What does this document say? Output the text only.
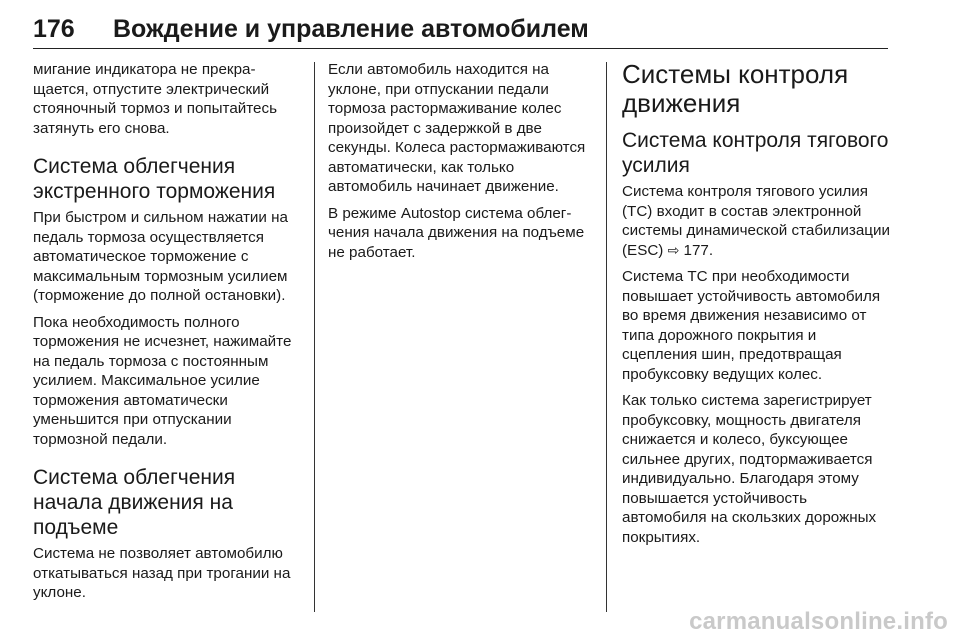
176	Вождение и управление автомобилем

мигание индикатора не прекращается, отпустите электрический стояночный тормоз и попытайтесь затянуть его снова.

Система облегчения экстренного торможения

При быстром и сильном нажатии на педаль тормоза осуществляется автоматическое торможение с максимальным тормозным усилием (торможение до полной остановки).

Пока необходимость полного торможения не исчезнет, нажимайте на педаль тормоза с постоянным усилием. Максимальное усилие торможения автоматически уменьшится при отпускании тормозной педали.

Система облегчения начала движения на подъеме

Система не позволяет автомобилю откатываться назад при трогании на уклоне.

Если автомобиль находится на уклоне, при отпускании педали тормоза растормаживание колес произойдет с задержкой в две секунды. Колеса растормаживаются автоматически, как только автомобиль начинает движение.

В режиме Autostop система облегчения начала движения на подъеме не работает.

Системы контроля движения
Система контроля тягового усилия

Система контроля тягового усилия (TC) входит в состав электронной системы динамической стабилизации (ESC) ⇨ 177.

Система TC при необходимости повышает устойчивость автомобиля во время движения независимо от типа дорожного покрытия и сцепления шин, предотвращая пробуксовку ведущих колес.

Как только система зарегистрирует пробуксовку, мощность двигателя снижается и колесо, буксующее сильнее других, подтормаживается индивидуально. Благодаря этому повышается устойчивость автомобиля на скользких дорожных покрытиях.

carmanualsonline.info
